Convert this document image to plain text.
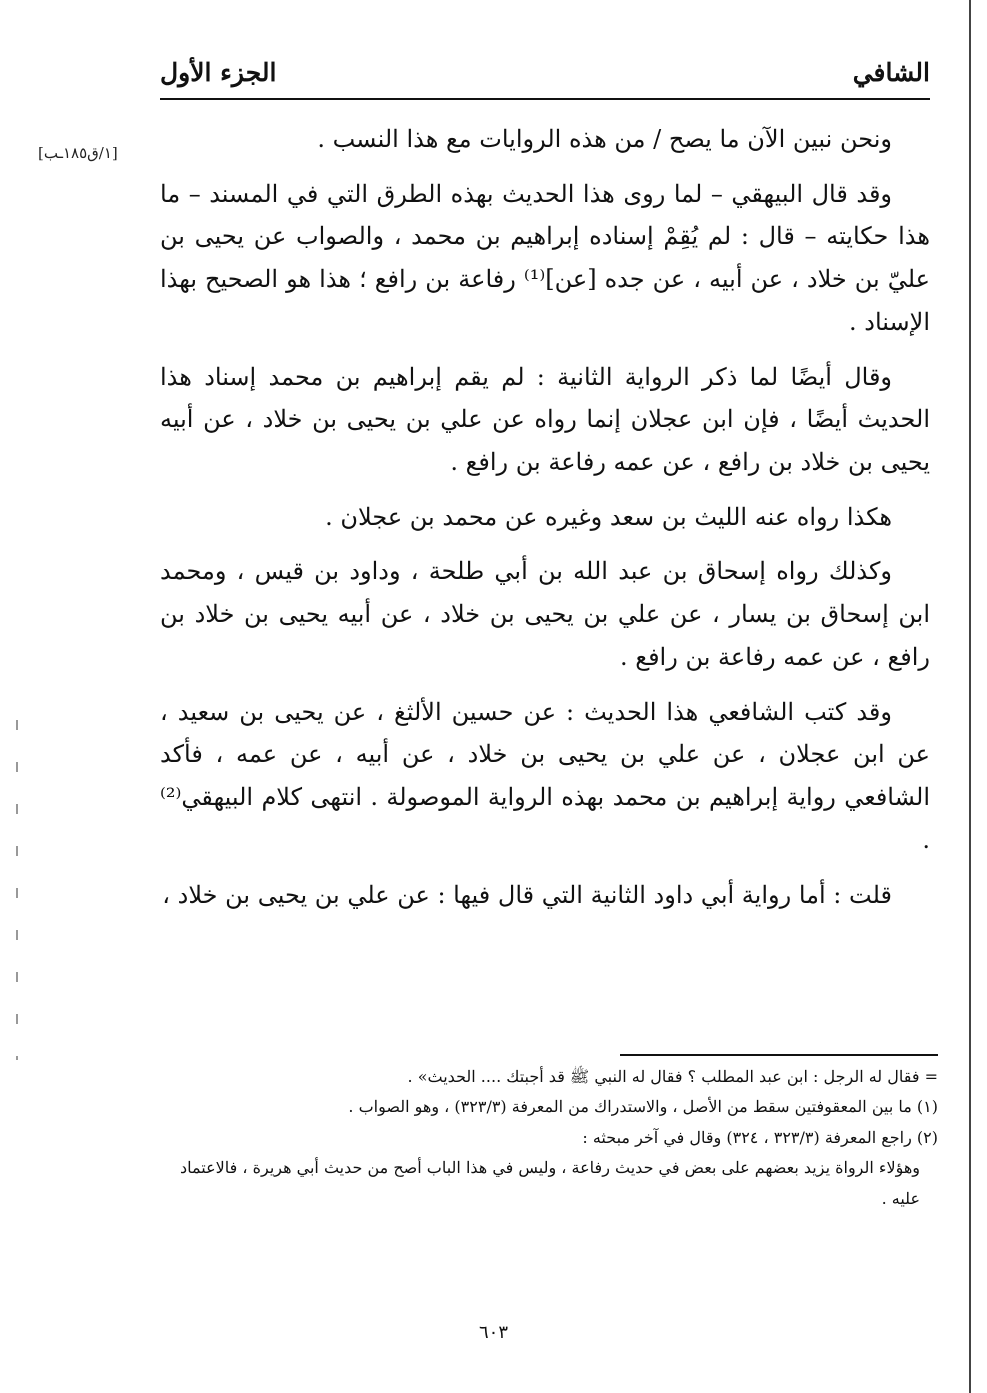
الشافي
الجزء الأول
[١/ق١٨٥ـب]	ونحن نبين الآن ما يصح / من هذه الروايات مع هذا النسب .

وقد قال البيهقي – لما روى هذا الحديث بهذه الطرق التي في المسند – ما هذا حكايته – قال : لم يُقِمْ إسناده إبراهيم بن محمد ، والصواب عن يحيى بن عليّ بن خلاد ، عن أبيه ، عن جده [عن]⁽¹⁾ رفاعة بن رافع ؛ هذا هو الصحيح بهذا الإسناد .

وقال أيضًا لما ذكر الرواية الثانية : لم يقم إبراهيم بن محمد إسناد هذا الحديث أيضًا ، فإن ابن عجلان إنما رواه عن علي بن يحيى بن خلاد ، عن أبيه يحيى بن خلاد بن رافع ، عن عمه رفاعة بن رافع .

هكذا رواه عنه الليث بن سعد وغيره عن محمد بن عجلان .

وكذلك رواه إسحاق بن عبد الله بن أبي طلحة ، وداود بن قيس ، ومحمد ابن إسحاق بن يسار ، عن علي بن يحيى بن خلاد ، عن أبيه يحيى بن خلاد بن رافع ، عن عمه رفاعة بن رافع .

وقد كتب الشافعي هذا الحديث : عن حسين الألثغ ، عن يحيى بن سعيد ، عن ابن عجلان ، عن علي بن يحيى بن خلاد ، عن أبيه ، عن عمه ، فأكد الشافعي رواية إبراهيم بن محمد بهذه الرواية الموصولة . انتهى كلام البيهقي⁽²⁾ .

قلت : أما رواية أبي داود الثانية التي قال فيها : عن علي بن يحيى بن خلاد ،

= فقال له الرجل : ابن عبد المطلب ؟ فقال له النبي ﷺ قد أجبتك .... الحديث» .

(١) ما بين المعقوفتين سقط من الأصل ، والاستدراك من المعرفة (٣٢٣/٣) ، وهو الصواب .

(٢) راجع المعرفة (٣٢٣/٣ ، ٣٢٤) وقال في آخر مبحثه :

وهؤلاء الرواة يزيد بعضهم على بعض في حديث رفاعة ، وليس في هذا الباب أصح من حديث أبي هريرة ، فالاعتماد عليه .

٦٠٣
